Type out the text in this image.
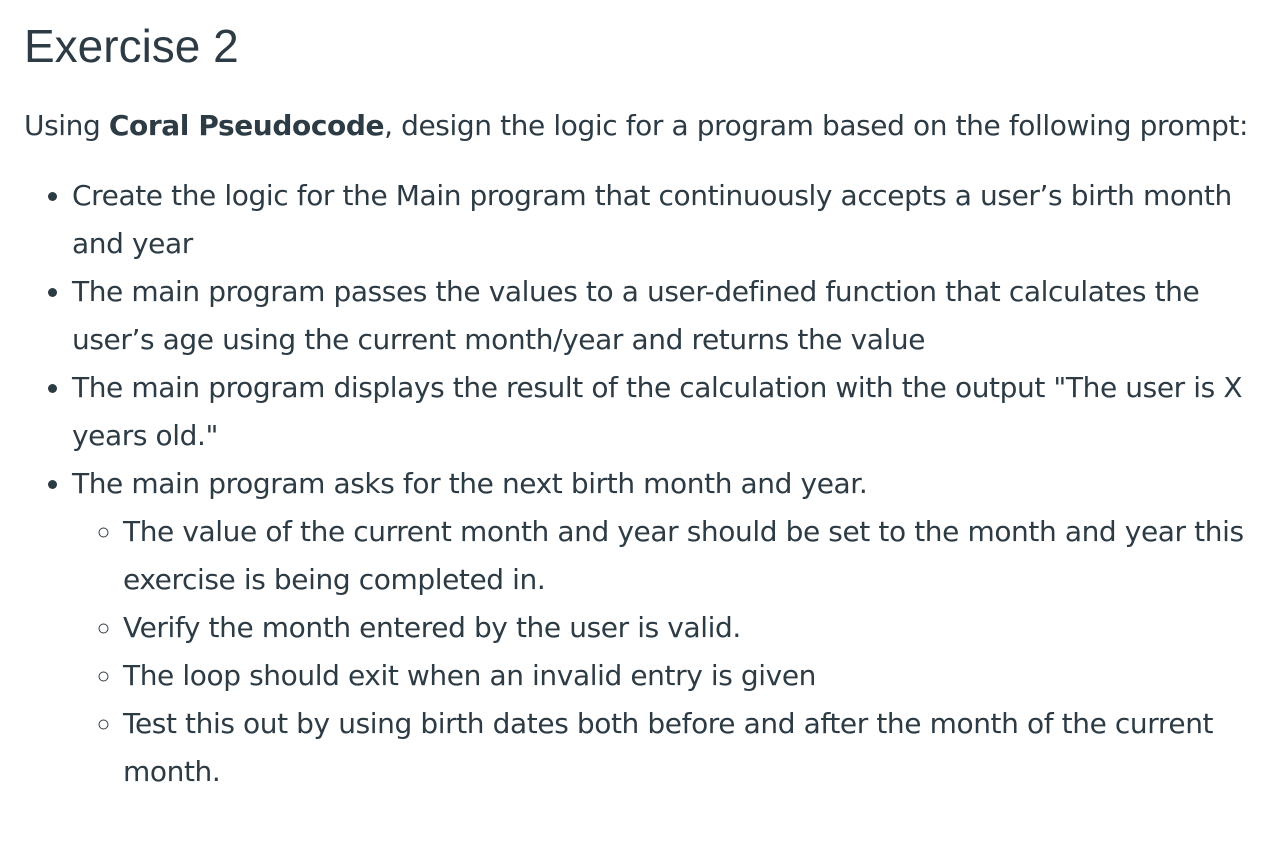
Exercise 2

Using Coral Pseudocode, design the logic for a program based on the following prompt:

• Create the logic for the Main program that continuously accepts a user’s birth month and year
• The main program passes the values to a user-defined function that calculates the user’s age using the current month/year and returns the value
• The main program displays the result of the calculation with the output "The user is X years old."
• The main program asks for the next birth month and year.
◦ The value of the current month and year should be set to the month and year this exercise is being completed in.
◦ Verify the month entered by the user is valid.
◦ The loop should exit when an invalid entry is given
◦ Test this out by using birth dates both before and after the month of the current month.
